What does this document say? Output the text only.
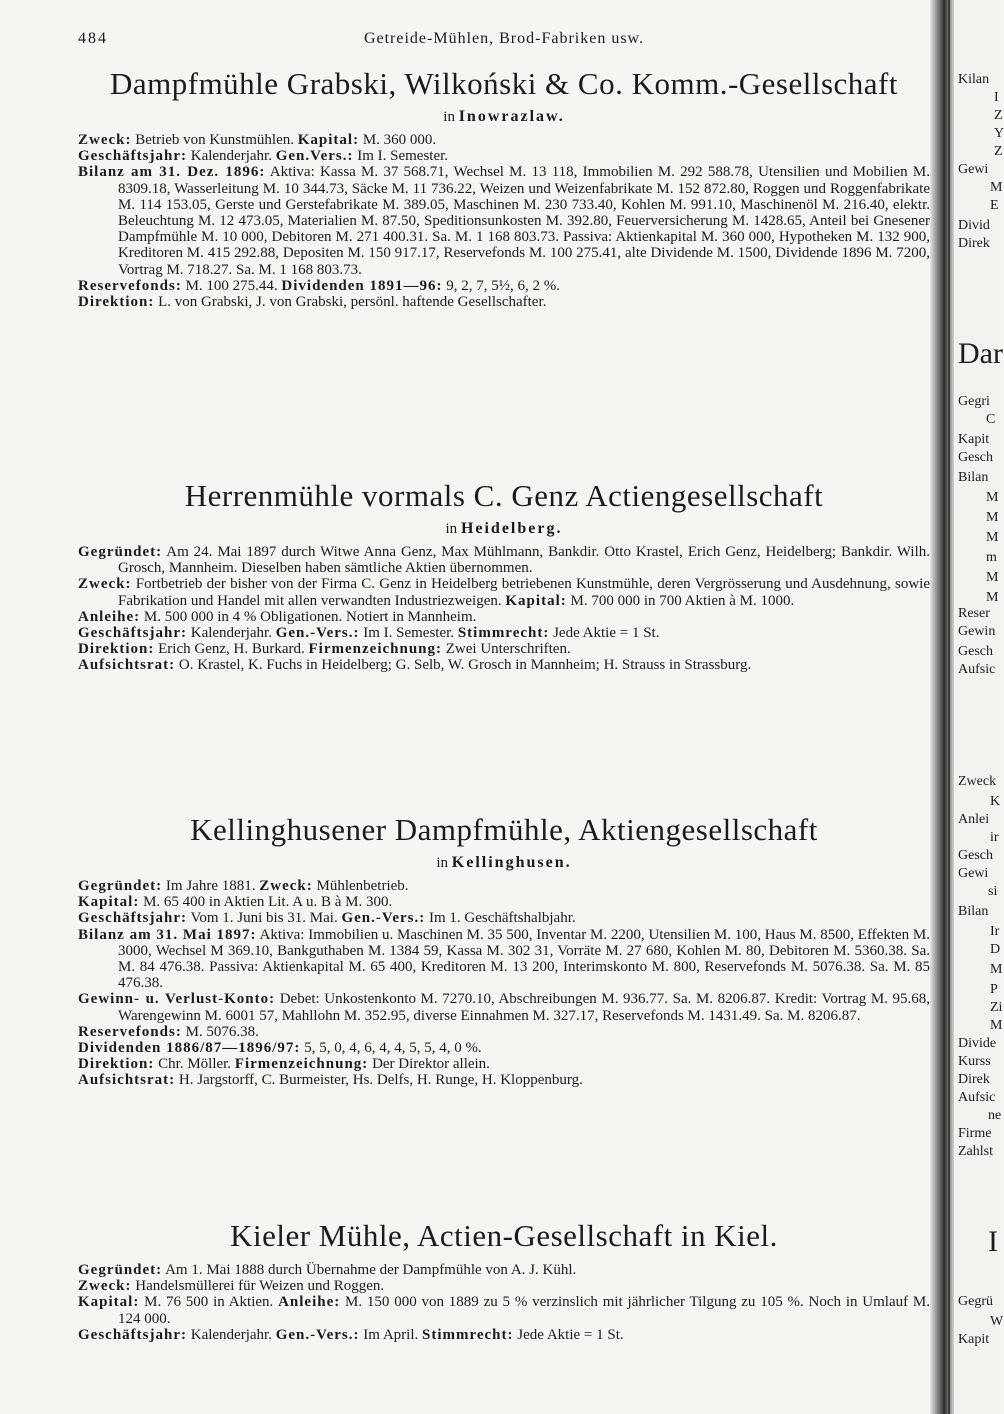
484	Getreide-Mühlen, Brod-Fabriken usw.
Dampfmühle Grabski, Wilkoński & Co. Komm.-Gesellschaft
in Inowrazlaw.

Zweck: Betrieb von Kunstmühlen. Kapital: M. 360 000.

Geschäftsjahr: Kalenderjahr. Gen.Vers.: Im I. Semester.

Bilanz am 31. Dez. 1896: Aktiva: Kassa M. 37 568.71, Wechsel M. 13 118, Immobilien M. 292 588.78, Utensilien und Mobilien M. 8309.18, Wasserleitung M. 10 344.73, Säcke M. 11 736.22, Weizen und Weizenfabrikate M. 152 872.80, Roggen und Roggenfabrikate M. 114 153.05, Gerste und Gerstefabrikate M. 389.05, Maschinen M. 230 733.40, Kohlen M. 991.10, Maschinenöl M. 216.40, elektr. Beleuchtung M. 12 473.05, Materialien M. 87.50, Speditionsunkosten M. 392.80, Feuerversicherung M. 1428.65, Anteil bei Gnesener Dampfmühle M. 10 000, Debitoren M. 271 400.31. Sa. M. 1 168 803.73. Passiva: Aktienkapital M. 360 000, Hypotheken M. 132 900, Kreditoren M. 415 292.88, Depositen M. 150 917.17, Reservefonds M. 100 275.41, alte Dividende M. 1500, Dividende 1896 M. 7200, Vortrag M. 718.27. Sa. M. 1 168 803.73.

Reservefonds: M. 100 275.44. Dividenden 1891—96: 9, 2, 7, 5½, 6, 2 %.

Direktion: L. von Grabski, J. von Grabski, persönl. haftende Gesellschafter.

Herrenmühle vormals C. Genz Actiengesellschaft
in Heidelberg.

Gegründet: Am 24. Mai 1897 durch Witwe Anna Genz, Max Mühlmann, Bankdir. Otto Krastel, Erich Genz, Heidelberg; Bankdir. Wilh. Grosch, Mannheim. Dieselben haben sämtliche Aktien übernommen.

Zweck: Fortbetrieb der bisher von der Firma C. Genz in Heidelberg betriebenen Kunstmühle, deren Vergrösserung und Ausdehnung, sowie Fabrikation und Handel mit allen verwandten Industriezweigen. Kapital: M. 700 000 in 700 Aktien à M. 1000.

Anleihe: M. 500 000 in 4 % Obligationen. Notiert in Mannheim.

Geschäftsjahr: Kalenderjahr. Gen.-Vers.: Im I. Semester. Stimmrecht: Jede Aktie = 1 St.

Direktion: Erich Genz, H. Burkard. Firmenzeichnung: Zwei Unterschriften.

Aufsichtsrat: O. Krastel, K. Fuchs in Heidelberg; G. Selb, W. Grosch in Mannheim; H. Strauss in Strassburg.

Kellinghusener Dampfmühle, Aktiengesellschaft
in Kellinghusen.

Gegründet: Im Jahre 1881. Zweck: Mühlenbetrieb.

Kapital: M. 65 400 in Aktien Lit. A u. B à M. 300.

Geschäftsjahr: Vom 1. Juni bis 31. Mai. Gen.-Vers.: Im 1. Geschäftshalbjahr.

Bilanz am 31. Mai 1897: Aktiva: Immobilien u. Maschinen M. 35 500, Inventar M. 2200, Utensilien M. 100, Haus M. 8500, Effekten M. 3000, Wechsel M 369.10, Bankguthaben M. 1384 59, Kassa M. 302 31, Vorräte M. 27 680, Kohlen M. 80, Debitoren M. 5360.38. Sa. M. 84 476.38. Passiva: Aktienkapital M. 65 400, Kreditoren M. 13 200, Interimskonto M. 800, Reservefonds M. 5076.38. Sa. M. 85 476.38.

Gewinn- u. Verlust-Konto: Debet: Unkostenkonto M. 7270.10, Abschreibungen M. 936.77. Sa. M. 8206.87. Kredit: Vortrag M. 95.68, Warengewinn M. 6001 57, Mahllohn M. 352.95, diverse Einnahmen M. 327.17, Reservefonds M. 1431.49. Sa. M. 8206.87.

Reservefonds: M. 5076.38.

Dividenden 1886/87—1896/97: 5, 5, 0, 4, 6, 4, 4, 5, 5, 4, 0 %.

Direktion: Chr. Möller. Firmenzeichnung: Der Direktor allein.

Aufsichtsrat: H. Jargstorff, C. Burmeister, Hs. Delfs, H. Runge, H. Kloppenburg.

Kieler Mühle, Actien-Gesellschaft in Kiel.

Gegründet: Am 1. Mai 1888 durch Übernahme der Dampfmühle von A. J. Kühl.

Zweck: Handelsmüllerei für Weizen und Roggen.

Kapital: M. 76 500 in Aktien. Anleihe: M. 150 000 von 1889 zu 5 % verzinslich mit jährlicher Tilgung zu 105 %. Noch in Umlauf M. 124 000.

Geschäftsjahr: Kalenderjahr. Gen.-Vers.: Im April. Stimmrecht: Jede Aktie = 1 St.

Kilan
I
Z
Y
Z
Gewi
M
E
Divid
Direk
Dar
Gegri
C
Kapit
Gesch
Bilan
M
M
M
m
M
M
Reser
Gewin
Gesch
Aufsic
Zweck
K
Anlei
ir
Gesch
Gewi
si
Bilan
Ir
D
M
P
Zi
M
Divide
Kurss
Direk
Aufsic
ne
Firme
Zahlst
I
Gegrü
W
Kapit
